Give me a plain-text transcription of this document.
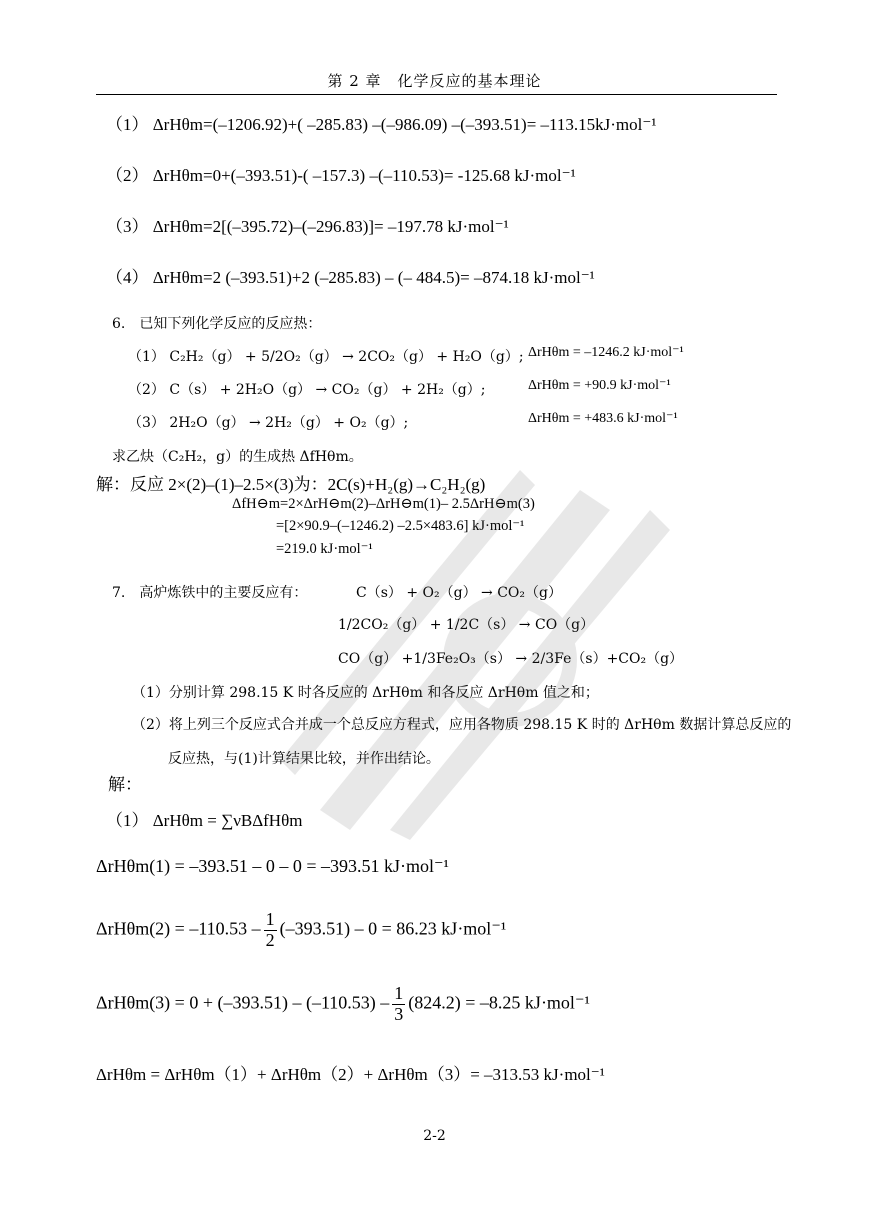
第 2 章　化学反应的基本理论
（1） ΔrHθm=(–1206.92)+( –285.83) –(–986.09) –(–393.51)= –113.15kJ·mol⁻¹
（2） ΔrHθm=0+(–393.51)-( –157.3) –(–110.53)= -125.68 kJ·mol⁻¹
（3） ΔrHθm=2[(–395.72)–(–296.83)]= –197.78 kJ·mol⁻¹
（4） ΔrHθm=2 (–393.51)+2 (–285.83) – (– 484.5)= –874.18 kJ·mol⁻¹
6.　已知下列化学反应的反应热：
（1） C₂H₂（g） + 5/2O₂（g） → 2CO₂（g） + H₂O（g）; ΔrHθm = –1246.2 kJ·mol⁻¹
（2） C（s） + 2H₂O（g） → CO₂（g） + 2H₂（g）;	ΔrHθm = +90.9 kJ·mol⁻¹
（3） 2H₂O（g） → 2H₂（g） + O₂（g）;	ΔrHθm = +483.6 kJ·mol⁻¹
求乙炔（C₂H₂，g）的生成热 ΔfHθm。
解：反应 2×(2)–(1)–2.5×(3)为：2C(s)+H₂(g)→C₂H₂(g)
ΔfH⊖m=2×ΔrH⊖m(2)–ΔrH⊖m(1)– 2.5ΔrH⊖m(3)
=[2×90.9–(–1246.2) –2.5×483.6] kJ·mol⁻¹
=219.0 kJ·mol⁻¹
7.　高炉炼铁中的主要反应有：	C（s） + O₂（g） → CO₂（g）
1/2CO₂（g） + 1/2C（s） → CO（g）
CO（g） +1/3Fe₂O₃（s） → 2/3Fe（s）+CO₂（g）
（1）分别计算 298.15 K 时各反应的 ΔrHθm 和各反应 ΔrHθm 值之和；
（2）将上列三个反应式合并成一个总反应方程式，应用各物质 298.15 K 时的 ΔrHθm 数据计算总反应的
反应热，与(1)计算结果比较，并作出结论。
解：
（1） ΔrHθm = ∑νBΔfHθm
ΔrHθm(1) = –393.51 – 0 – 0 = –393.51 kJ·mol⁻¹
$\Delta rH\theta m(2) = -110.53 - \frac{1}{2} (-393.51) - 0 = 86.23$ kJ·mol⁻¹
$\Delta rH\theta m(3) = 0 + (-393.51) - (-110.53) - \frac{1}{3} (824.2) = -8.25$ kJ·mol⁻¹
ΔrHθm = ΔrHθm（1）+ ΔrHθm（2）+ ΔrHθm（3）= –313.53 kJ·mol⁻¹
2-2
